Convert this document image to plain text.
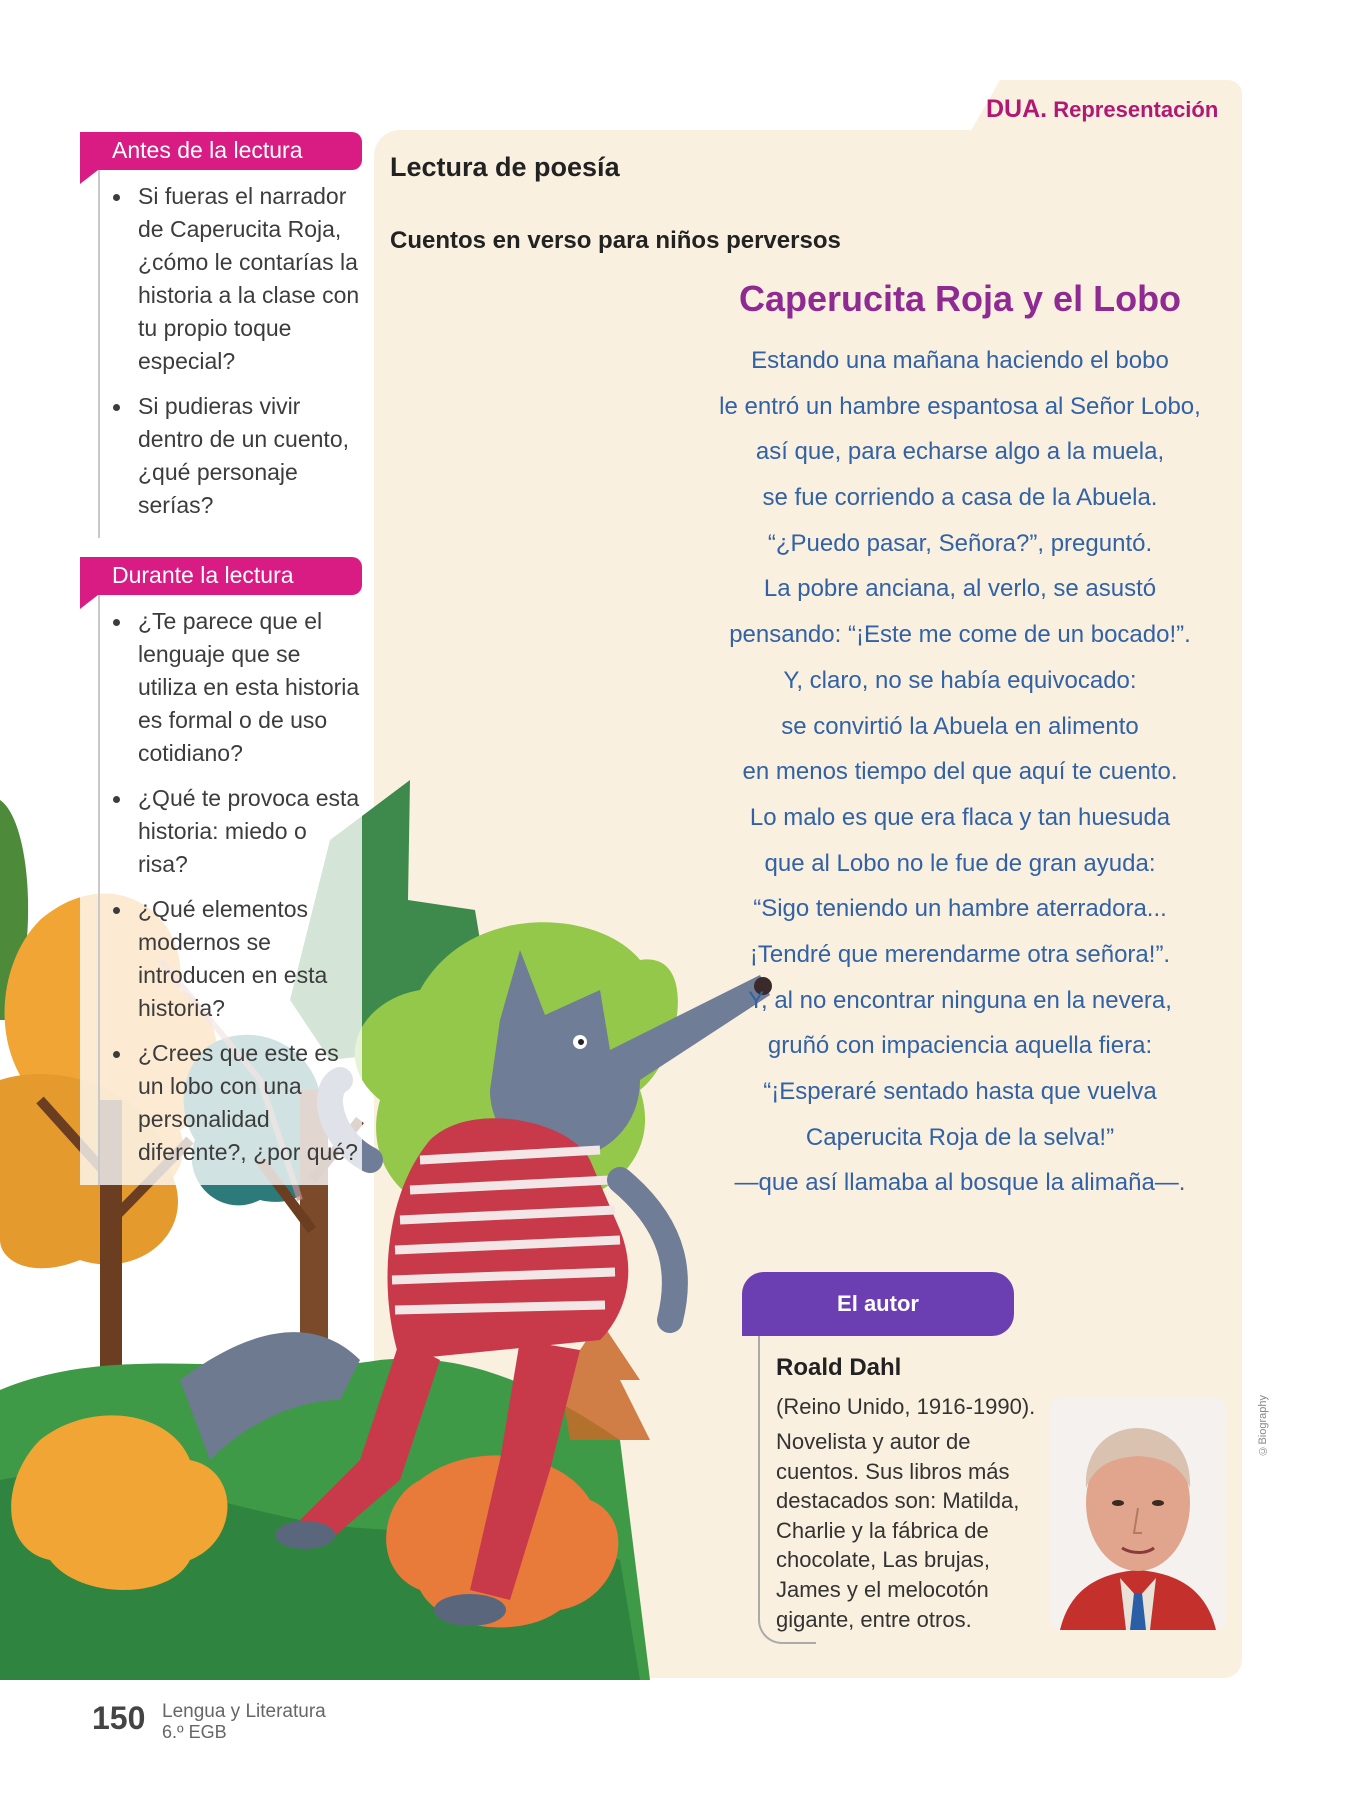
DUA. Representación
Lectura de poesía
Cuentos en verso para niños perversos
Caperucita Roja y el Lobo
Estando una mañana haciendo el bobo
le entró un hambre espantosa al Señor Lobo,
así que, para echarse algo a la muela,
se fue corriendo a casa de la Abuela.
“¿Puedo pasar, Señora?”, preguntó.
La pobre anciana, al verlo, se asustó
pensando: “¡Este me come de un bocado!”.
Y, claro, no se había equivocado:
se convirtió la Abuela en alimento
en menos tiempo del que aquí te cuento.
Lo malo es que era flaca y tan huesuda
que al Lobo no le fue de gran ayuda:
“Sigo teniendo un hambre aterradora...
¡Tendré que merendarme otra señora!”.
Y, al no encontrar ninguna en la nevera,
gruñó con impaciencia aquella fiera:
“¡Esperaré sentado hasta que vuelva
Caperucita Roja de la selva!”
—que así llamaba al bosque la alimaña—.
Antes de la lectura
Si fueras el narrador de Caperucita Roja, ¿cómo le contarías la historia a la clase con tu propio toque especial?
Si pudieras vivir dentro de un cuento, ¿qué personaje serías?
Durante la lectura
¿Te parece que el lenguaje que se utiliza en esta historia es formal o de uso cotidiano?
¿Qué te provoca esta historia: miedo o risa?
¿Qué elementos modernos se introducen en esta historia?
¿Crees que este es un lobo con una personalidad diferente?, ¿por qué?
El autor
Roald Dahl
(Reino Unido, 1916-1990).
Novelista y autor de cuentos. Sus libros más destacados son: Matilda, Charlie y la fábrica de chocolate, Las brujas, James y el melocotón gigante, entre otros.
©Biography
150 Lengua y Literatura
6.º EGB
